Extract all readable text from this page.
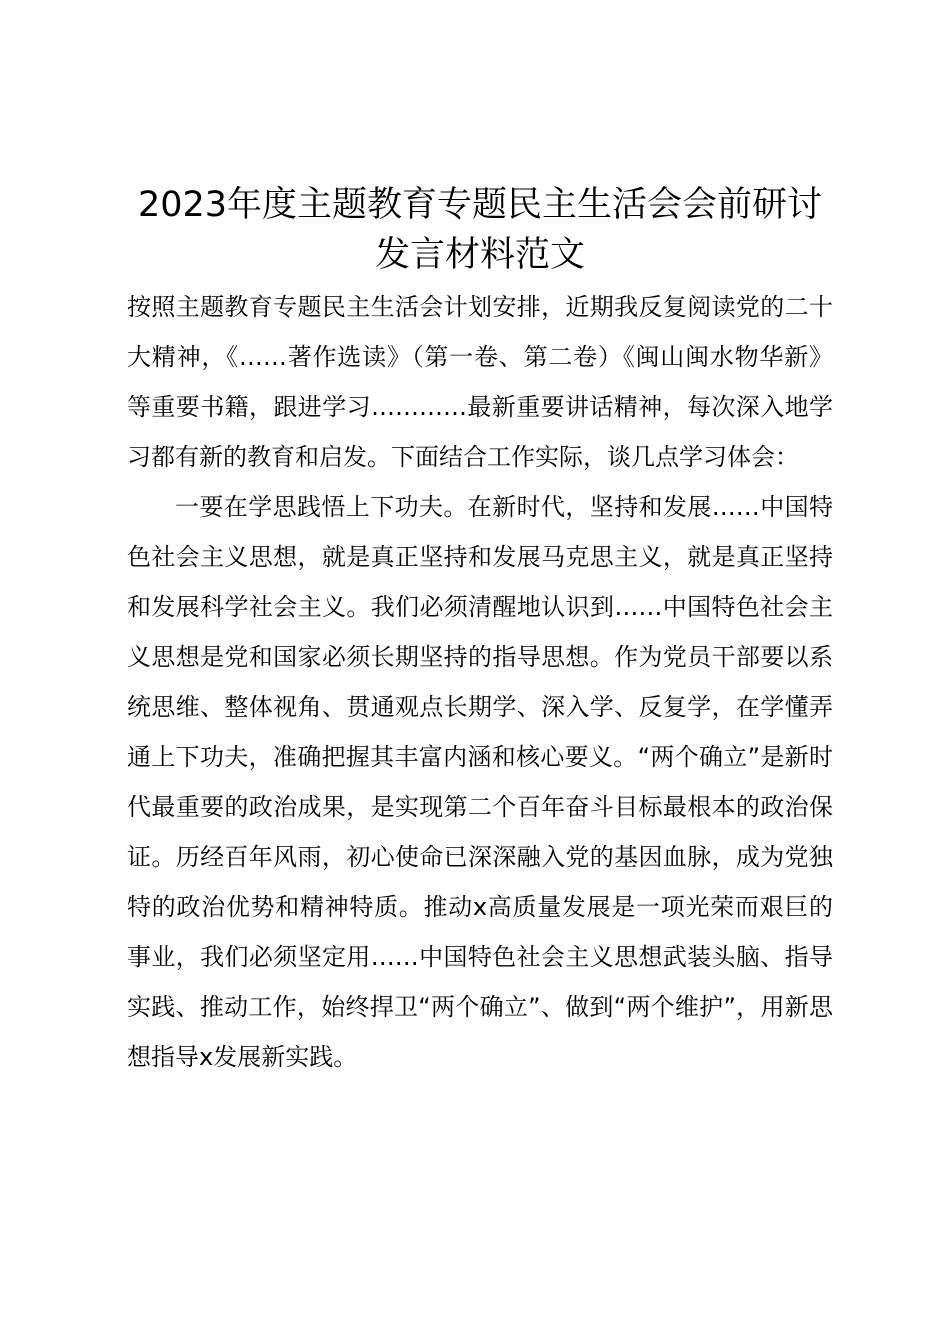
2023年度主题教育专题民主生活会会前研讨发言材料范文

按照主题教育专题民主生活会计划安排，近期我反复阅读党的二十大精神，《……著作选读》（第一卷、第二卷）《闽山闽水物华新》等重要书籍，跟进学习…………最新重要讲话精神，每次深入地学习都有新的教育和启发。下面结合工作实际，谈几点学习体会：

一要在学思践悟上下功夫。在新时代，坚持和发展……中国特色社会主义思想，就是真正坚持和发展马克思主义，就是真正坚持和发展科学社会主义。我们必须清醒地认识到……中国特色社会主义思想是党和国家必须长期坚持的指导思想。作为党员干部要以系统思维、整体视角、贯通观点长期学、深入学、反复学，在学懂弄通上下功夫，准确把握其丰富内涵和核心要义。“两个确立”是新时代最重要的政治成果，是实现第二个百年奋斗目标最根本的政治保证。历经百年风雨，初心使命已深深融入党的基因血脉，成为党独特的政治优势和精神特质。推动x高质量发展是一项光荣而艰巨的事业，我们必须坚定用……中国特色社会主义思想武装头脑、指导实践、推动工作，始终捍卫“两个确立”、做到“两个维护”，用新思想指导x发展新实践。
